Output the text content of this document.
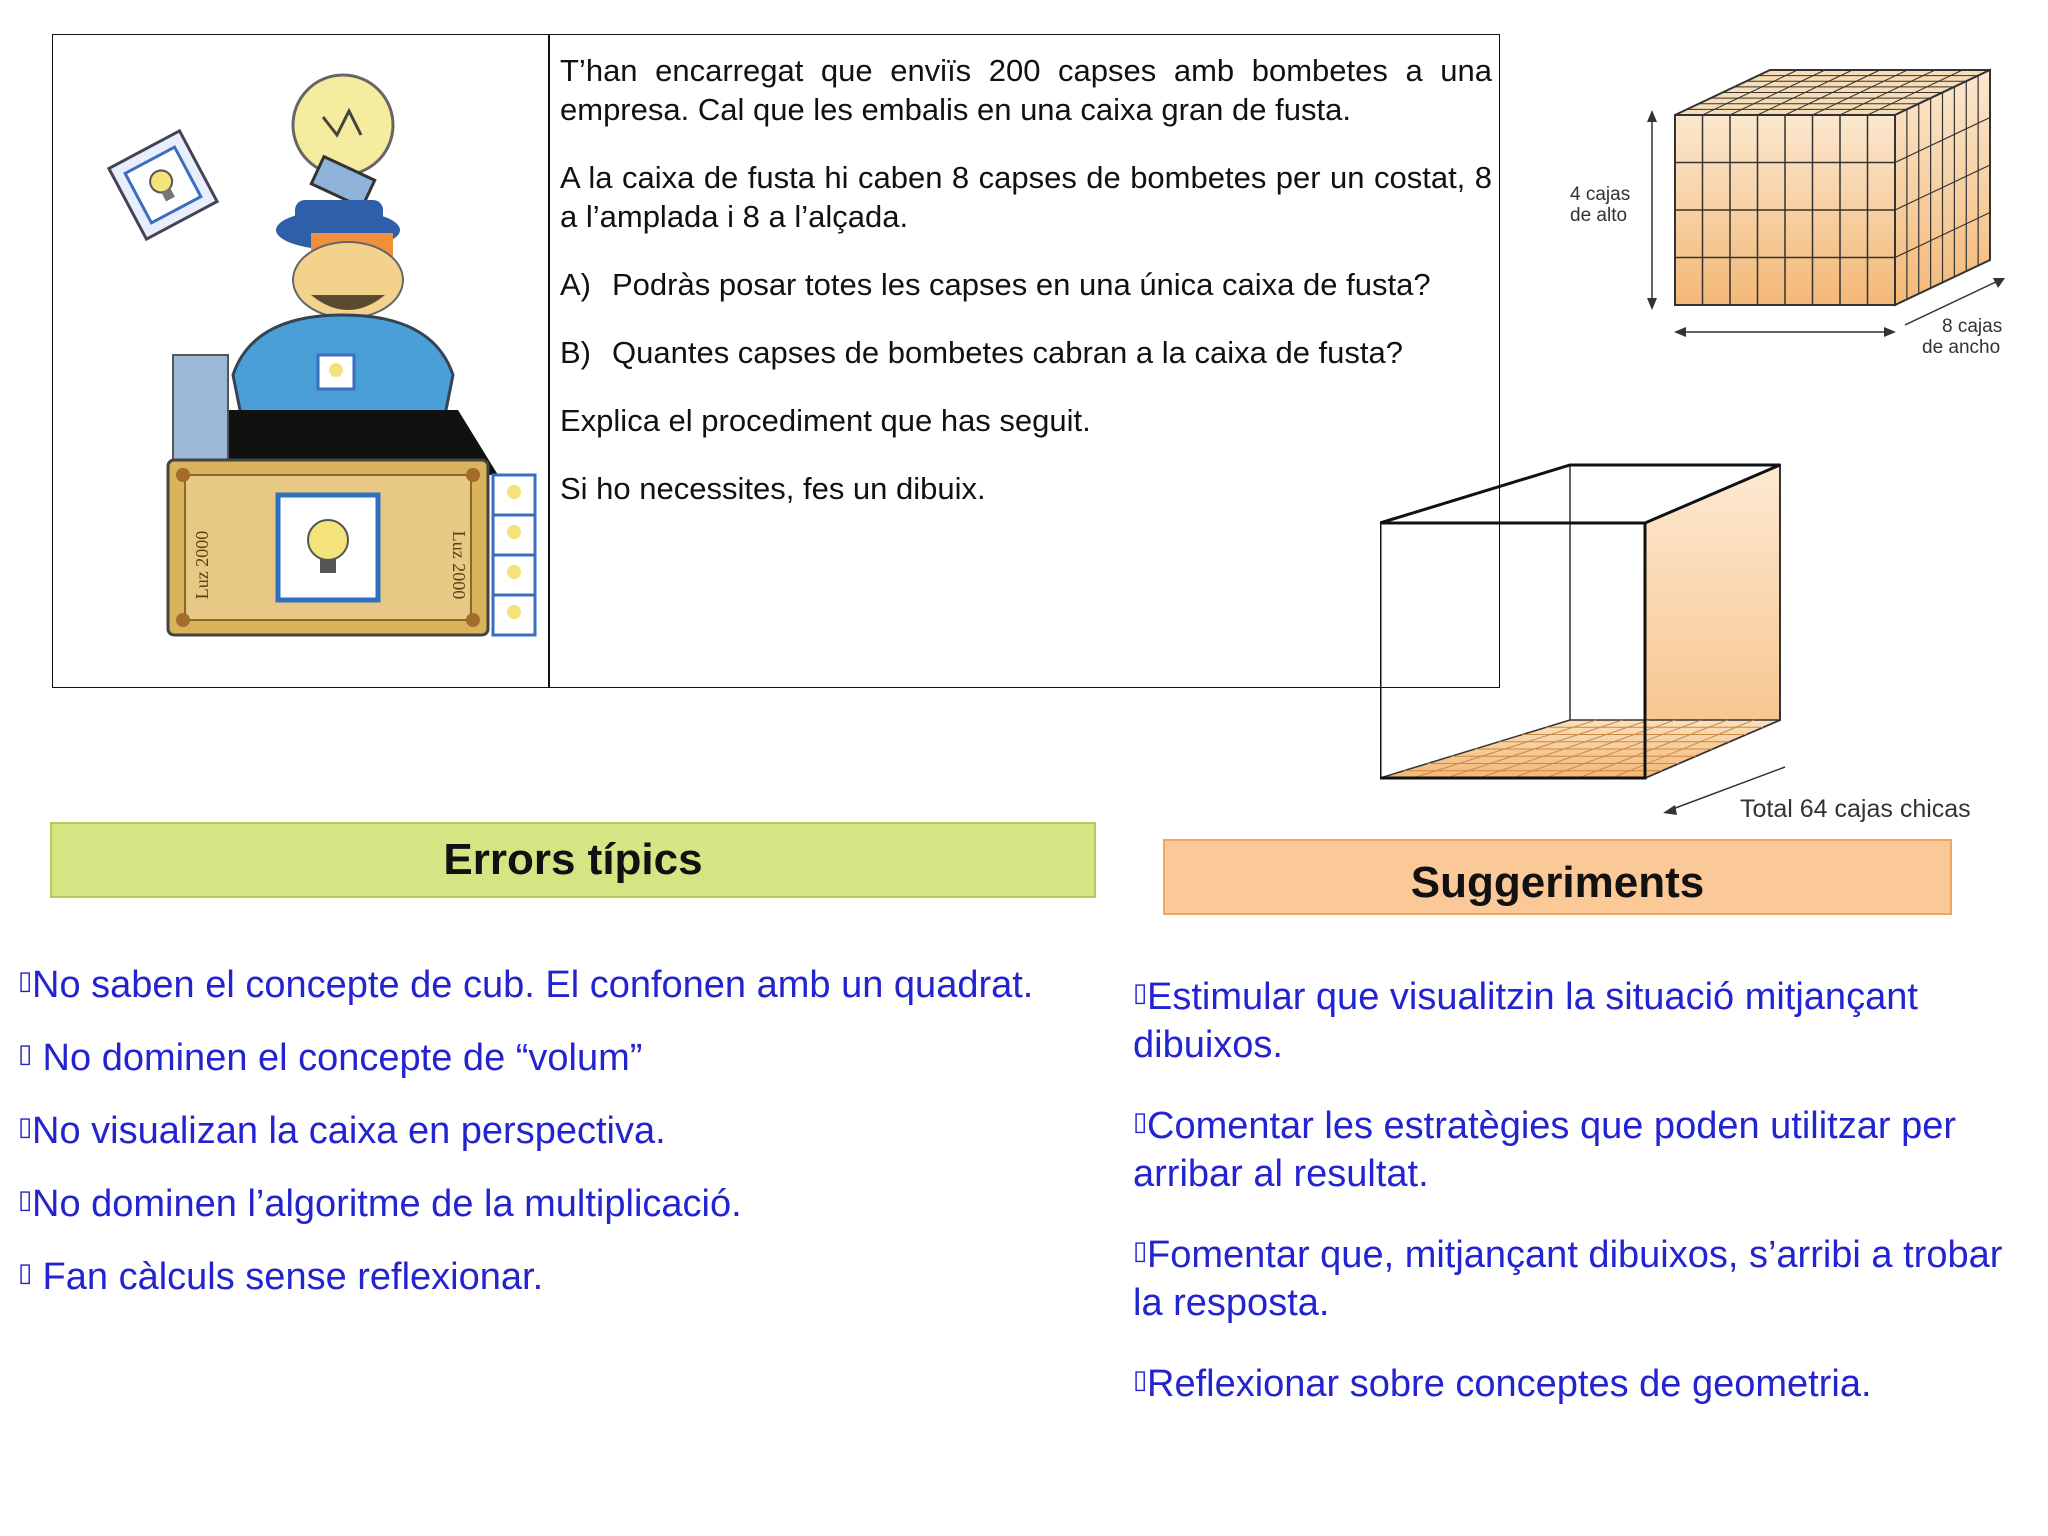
Luz 2000	Luz 2000

T’han encarregat que enviïs 200 capses amb bombetes a una empresa. Cal que les embalis en una caixa gran de fusta.

A la caixa de fusta hi caben 8 capses de bombetes per un costat, 8 a l’amplada i 8 a l’alçada.

A) Podràs posar totes les capses en una única caixa de fusta?
B) Quantes capses de bombetes cabran a la caixa de fusta?

Explica el procediment que has seguit.

Si ho necessites, fes un dibuix.

4 cajas
de alto
8 cajas
de ancho
Total 64 cajas chicas
Errors típics
▯No saben el concepte de cub. El confonen amb un quadrat.
▯ No dominen el concepte de “volum”
▯No visualizan la caixa en perspectiva.
▯No dominen l’algoritme de la multiplicació.
▯ Fan càlculs sense reflexionar.
Suggeriments
▯Estimular que visualitzin la situació mitjançant dibuixos.
▯Comentar les estratègies que poden utilitzar per arribar al resultat.
▯Fomentar que, mitjançant dibuixos, s’arribi a trobar la resposta.
▯Reflexionar sobre conceptes de geometria.
